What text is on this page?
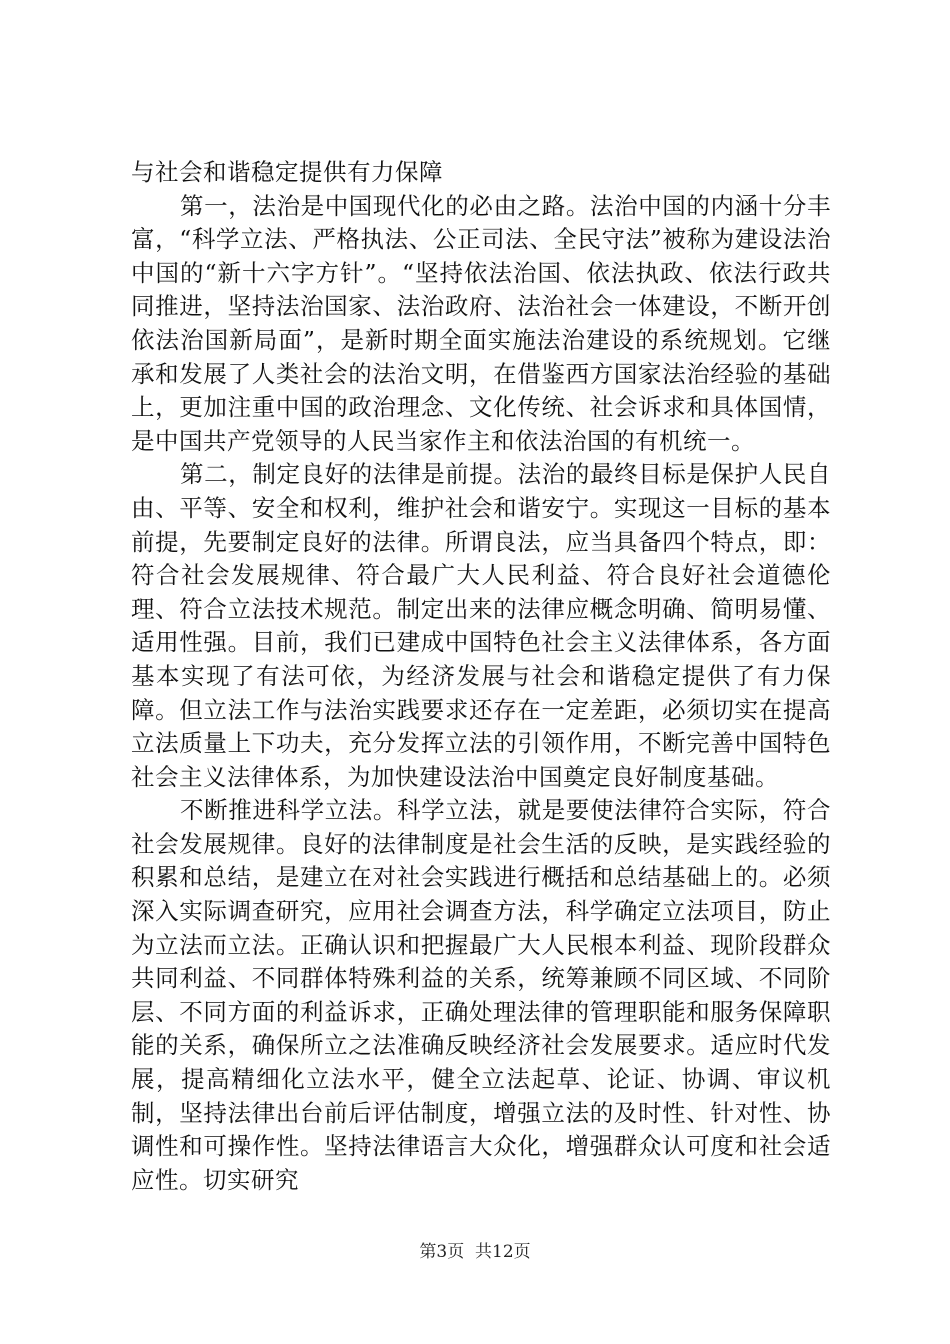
与社会和谐稳定提供有力保障

第一，法治是中国现代化的必由之路。法治中国的内涵十分丰富，“科学立法、严格执法、公正司法、全民守法”被称为建设法治中国的“新十六字方针”。“坚持依法治国、依法执政、依法行政共同推进，坚持法治国家、法治政府、法治社会一体建设，不断开创依法治国新局面”，是新时期全面实施法治建设的系统规划。它继承和发展了人类社会的法治文明，在借鉴西方国家法治经验的基础上，更加注重中国的政治理念、文化传统、社会诉求和具体国情，是中国共产党领导的人民当家作主和依法治国的有机统一。

第二，制定良好的法律是前提。法治的最终目标是保护人民自由、平等、安全和权利，维护社会和谐安宁。实现这一目标的基本前提，先要制定良好的法律。所谓良法，应当具备四个特点，即：符合社会发展规律、符合最广大人民利益、符合良好社会道德伦理、符合立法技术规范。制定出来的法律应概念明确、简明易懂、适用性强。目前，我们已建成中国特色社会主义法律体系，各方面基本实现了有法可依，为经济发展与社会和谐稳定提供了有力保障。但立法工作与法治实践要求还存在一定差距，必须切实在提高立法质量上下功夫，充分发挥立法的引领作用，不断完善中国特色社会主义法律体系，为加快建设法治中国奠定良好制度基础。

不断推进科学立法。科学立法，就是要使法律符合实际，符合社会发展规律。良好的法律制度是社会生活的反映，是实践经验的积累和总结，是建立在对社会实践进行概括和总结基础上的。必须深入实际调查研究，应用社会调查方法，科学确定立法项目，防止为立法而立法。正确认识和把握最广大人民根本利益、现阶段群众共同利益、不同群体特殊利益的关系，统筹兼顾不同区域、不同阶层、不同方面的利益诉求，正确处理法律的管理职能和服务保障职能的关系，确保所立之法准确反映经济社会发展要求。适应时代发展，提高精细化立法水平，健全立法起草、论证、协调、审议机制，坚持法律出台前后评估制度，增强立法的及时性、针对性、协调性和可操作性。坚持法律语言大众化，增强群众认可度和社会适应性。切实研究

第3页  共12页
